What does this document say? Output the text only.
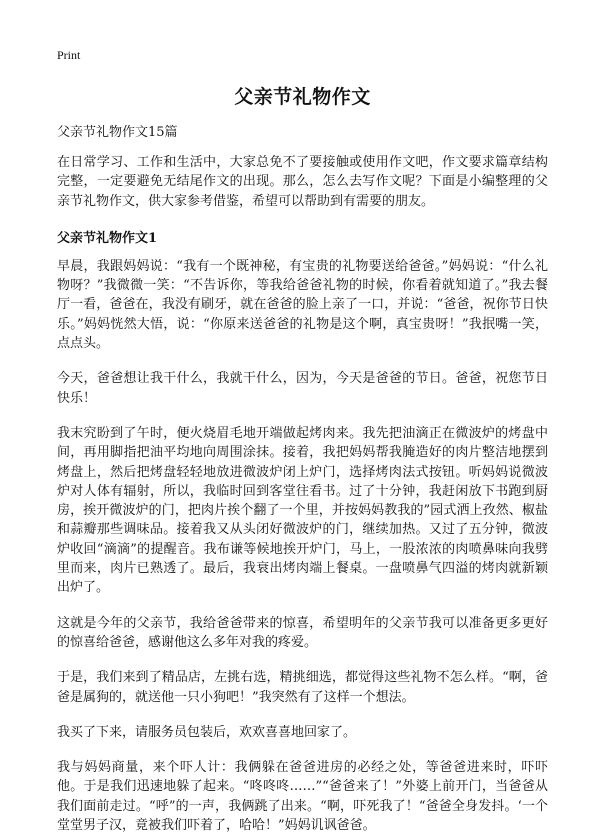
Print
父亲节礼物作文
父亲节礼物作文15篇

在日常学习、工作和生活中，大家总免不了要接触或使用作文吧，作文要求篇章结构完整，一定要避免无结尾作文的出现。那么，怎么去写作文呢？下面是小编整理的父亲节礼物作文，供大家参考借鉴，希望可以帮助到有需要的朋友。

父亲节礼物作文1

早晨，我跟妈妈说：“我有一个既神秘，有宝贵的礼物要送给爸爸。”妈妈说：“什么礼物呀？”我微微一笑：“不告诉你，等我给爸爸礼物的时候，你看着就知道了。”我去餐厅一看，爸爸在，我没有刷牙，就在爸爸的脸上亲了一口，并说：“爸爸，祝你节日快乐。”妈妈恍然大悟，说：“你原来送爸爸的礼物是这个啊，真宝贵呀！”我抿嘴一笑，点点头。

今天，爸爸想让我干什么，我就干什么，因为，今天是爸爸的节日。爸爸，祝您节日快乐！

我末究盼到了午时，便火烧眉毛地开端做起烤肉来。我先把油滴正在微波炉的烤盘中间，再用脚指把油平均地向周围涂抹。接着，我把妈妈帮我腌造好的肉片整洁地摆到烤盘上，然后把烤盘轻轻地放进微波炉闭上炉门，选择烤肉法式按钮。听妈妈说微波炉对人体有辐射，所以，我临时回到客堂往看书。过了十分钟，我赶闲放下书跑到厨房，挨开微波炉的门，把肉片挨个翻了一个里，并按妈妈教我的”园式洒上孜然、椒盐和蒜瓣那些调味品。接着我又从头闭好微波炉的门，继续加热。又过了五分钟，微波炉收回“滴滴”的提醒音。我布谦等候地挨开炉门，马上，一股浓浓的肉喷鼻味向我劈里而来，肉片已熟透了。最后，我衰出烤肉端上餐桌。一盘喷鼻气四溢的烤肉就新颖出炉了。

这就是今年的父亲节，我给爸爸带来的惊喜，希望明年的父亲节我可以准备更多更好的惊喜给爸爸，感谢他这么多年对我的疼爱。

于是，我们来到了精品店，左挑右选，精挑细选，都觉得这些礼物不怎么样。“啊，爸爸是属狗的，就送他一只小狗吧！”我突然有了这样一个想法。

我买了下来，请服务员包装后，欢欢喜喜地回家了。

我与妈妈商量，来个吓人计：我俩躲在爸爸进房的必经之处，等爸爸进来时，吓吓他。于是我们迅速地躲了起来。“咚咚咚……”“爸爸来了！”外婆上前开门，当爸爸从我们面前走过。“呼”的一声，我俩跳了出来。“啊，吓死我了！“爸爸全身发抖。‘一个堂堂男子汉，竟被我们吓着了，哈哈！”妈妈讥讽爸爸。
